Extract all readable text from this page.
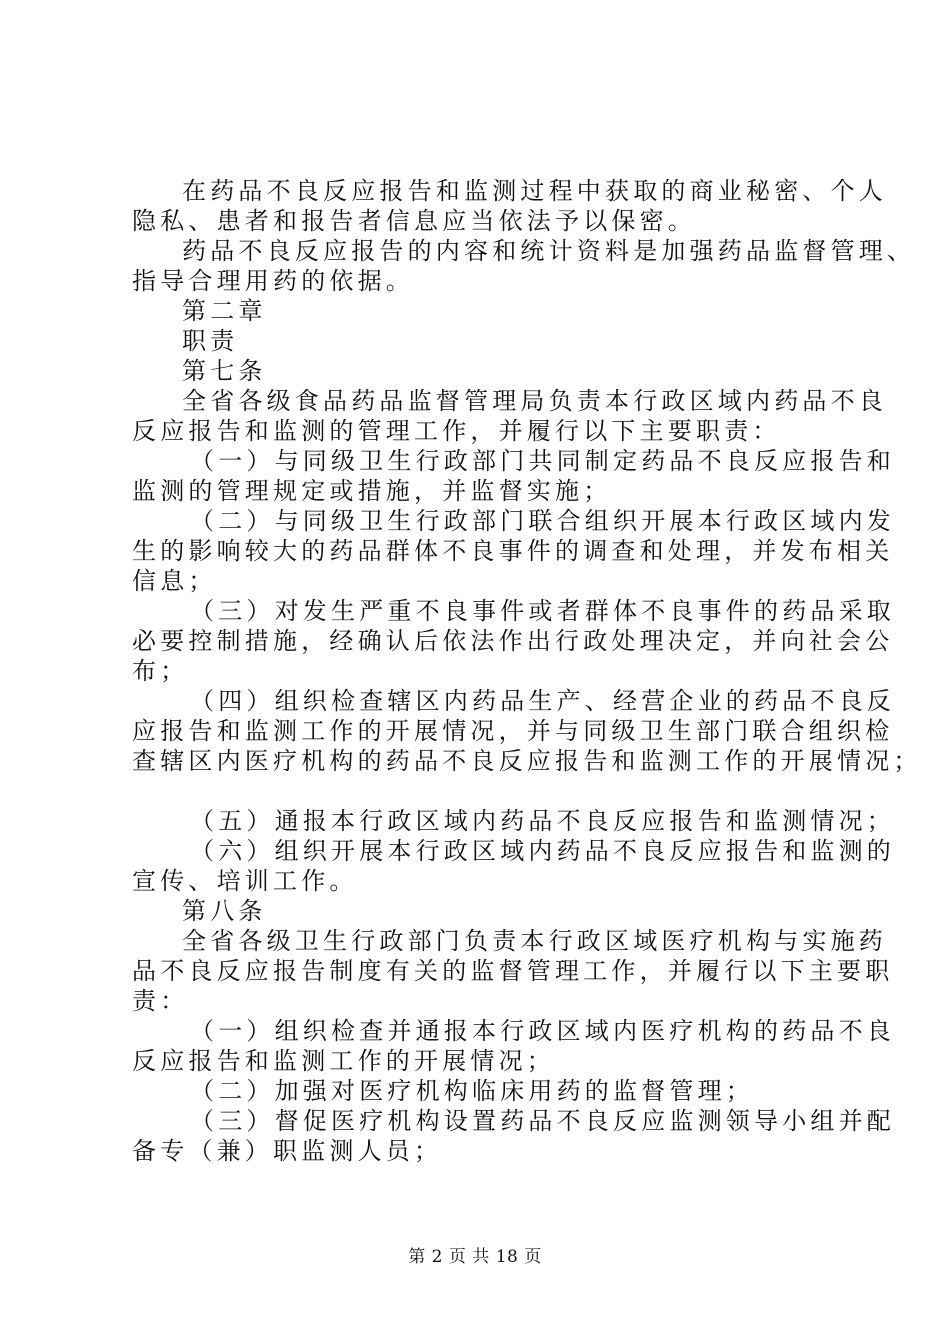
在药品不良反应报告和监测过程中获取的商业秘密、个人
隐私、患者和报告者信息应当依法予以保密。
药品不良反应报告的内容和统计资料是加强药品监督管理、
指导合理用药的依据。
第二章
职责
第七条
全省各级食品药品监督管理局负责本行政区域内药品不良
反应报告和监测的管理工作，并履行以下主要职责：
（一）与同级卫生行政部门共同制定药品不良反应报告和
监测的管理规定或措施，并监督实施；
（二）与同级卫生行政部门联合组织开展本行政区域内发
生的影响较大的药品群体不良事件的调查和处理，并发布相关
信息；
（三）对发生严重不良事件或者群体不良事件的药品采取
必要控制措施，经确认后依法作出行政处理决定，并向社会公
布；
（四）组织检查辖区内药品生产、经营企业的药品不良反
应报告和监测工作的开展情况，并与同级卫生部门联合组织检
查辖区内医疗机构的药品不良反应报告和监测工作的开展情况；
（五）通报本行政区域内药品不良反应报告和监测情况；
（六）组织开展本行政区域内药品不良反应报告和监测的
宣传、培训工作。
第八条
全省各级卫生行政部门负责本行政区域医疗机构与实施药
品不良反应报告制度有关的监督管理工作，并履行以下主要职
责：
（一）组织检查并通报本行政区域内医疗机构的药品不良
反应报告和监测工作的开展情况；
（二）加强对医疗机构临床用药的监督管理；
（三）督促医疗机构设置药品不良反应监测领导小组并配
备专（兼）职监测人员；
第 2 页 共 18 页
